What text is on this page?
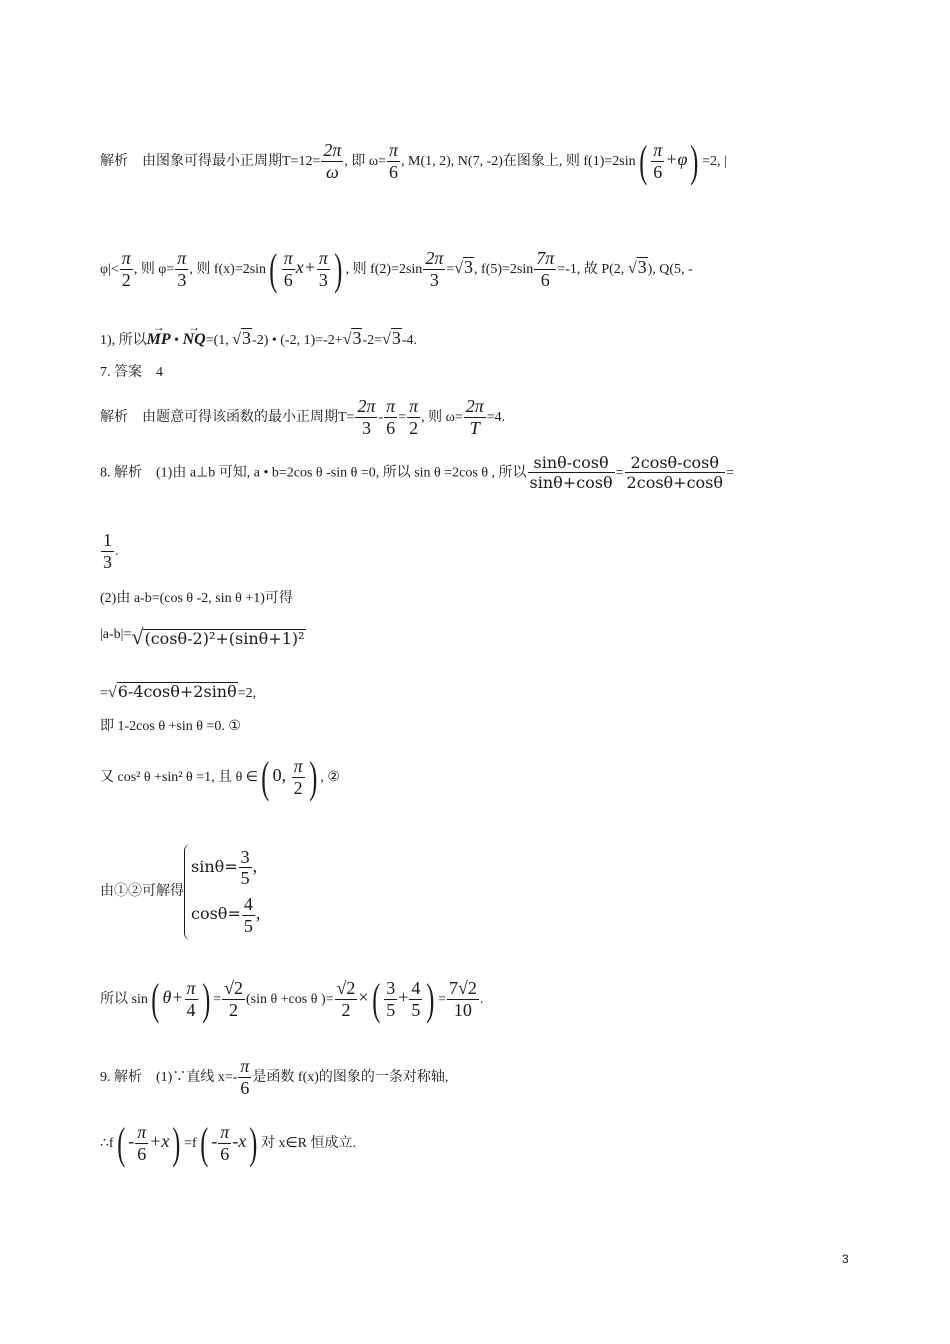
解析　由图象可得最小正周期$T=12= \frac{2\pi}{\omega}$ , 即 $\omega= \frac{\pi}{6}$ , M(1, 2), N(7, -2)在图象上, 则 $f(1)=2\sin( \frac{\pi}{6} +\varphi) =2$, |
$\varphi|< \frac{\pi}{2}$ , 则 $\varphi= \frac{\pi}{3}$ , 则 $f(x)=2\sin( \frac{\pi}{6} x+ \frac{\pi}{3}$ ) , 则 $f(2)=2\sin \frac{2\pi}{3} =√3$, $f(5)=2\sin \frac{7\pi}{6} =-1$, 故 P(2, √3), Q(5, -
1), 所以→ MP • → NQ=(1, √3-2) • (-2, 1)=-2+√3-2=√3-4.
7. 答案　4
解析　由题意可得该函数的最小正周期$T= \frac{2\pi}{3} - \frac{\pi}{6} = \frac{\pi}{2}$ , 则 $\omega= \frac{2\pi}{T} =4$.
8. 解析　(1)由 a⊥b 可知, a • b=2cos θ -sin θ =0, 所以 sin θ =2cos θ , 所以 $\frac{\sin\theta-\cos\theta}{\sin\theta+\cos\theta} = \frac{2\cos\theta-\cos\theta}{2\cos\theta+\cos\theta}$ =
$\frac{1}{3}$ .
(2)由 a-b=(cos θ -2, sin θ +1)可得
|a-b|=√(cosθ-2)²+(sinθ+1)²
=√6-4cosθ+2sinθ=2,
即 1-2cos θ +sin θ =0. ①
又 cos² θ +sin² θ =1, 且 θ ∈( 0, $\frac{\pi}{2}$ ) , ②
由①②可解得
$\sin\theta= \frac{3}{5}$ ,
$\cos\theta= \frac{4}{5}$ ,
所以 sin( $\theta+ \frac{\pi}{4}$ ) = $\frac{√2}{2} (\sin$ θ +cos θ )= $\frac{√2}{2}$ ×( $\frac{3}{5} + \frac{4}{5}$ ) = $\frac{7√2}{10}$ .
9. 解析　(1)∵直线 $x=- \frac{\pi}{6}$ 是函数 f(x)的图象的一条对称轴,
∴f( - $\frac{\pi}{6} +x) =f( - \frac{\pi}{6} -x)$ 对 x∈R 恒成立.
3
